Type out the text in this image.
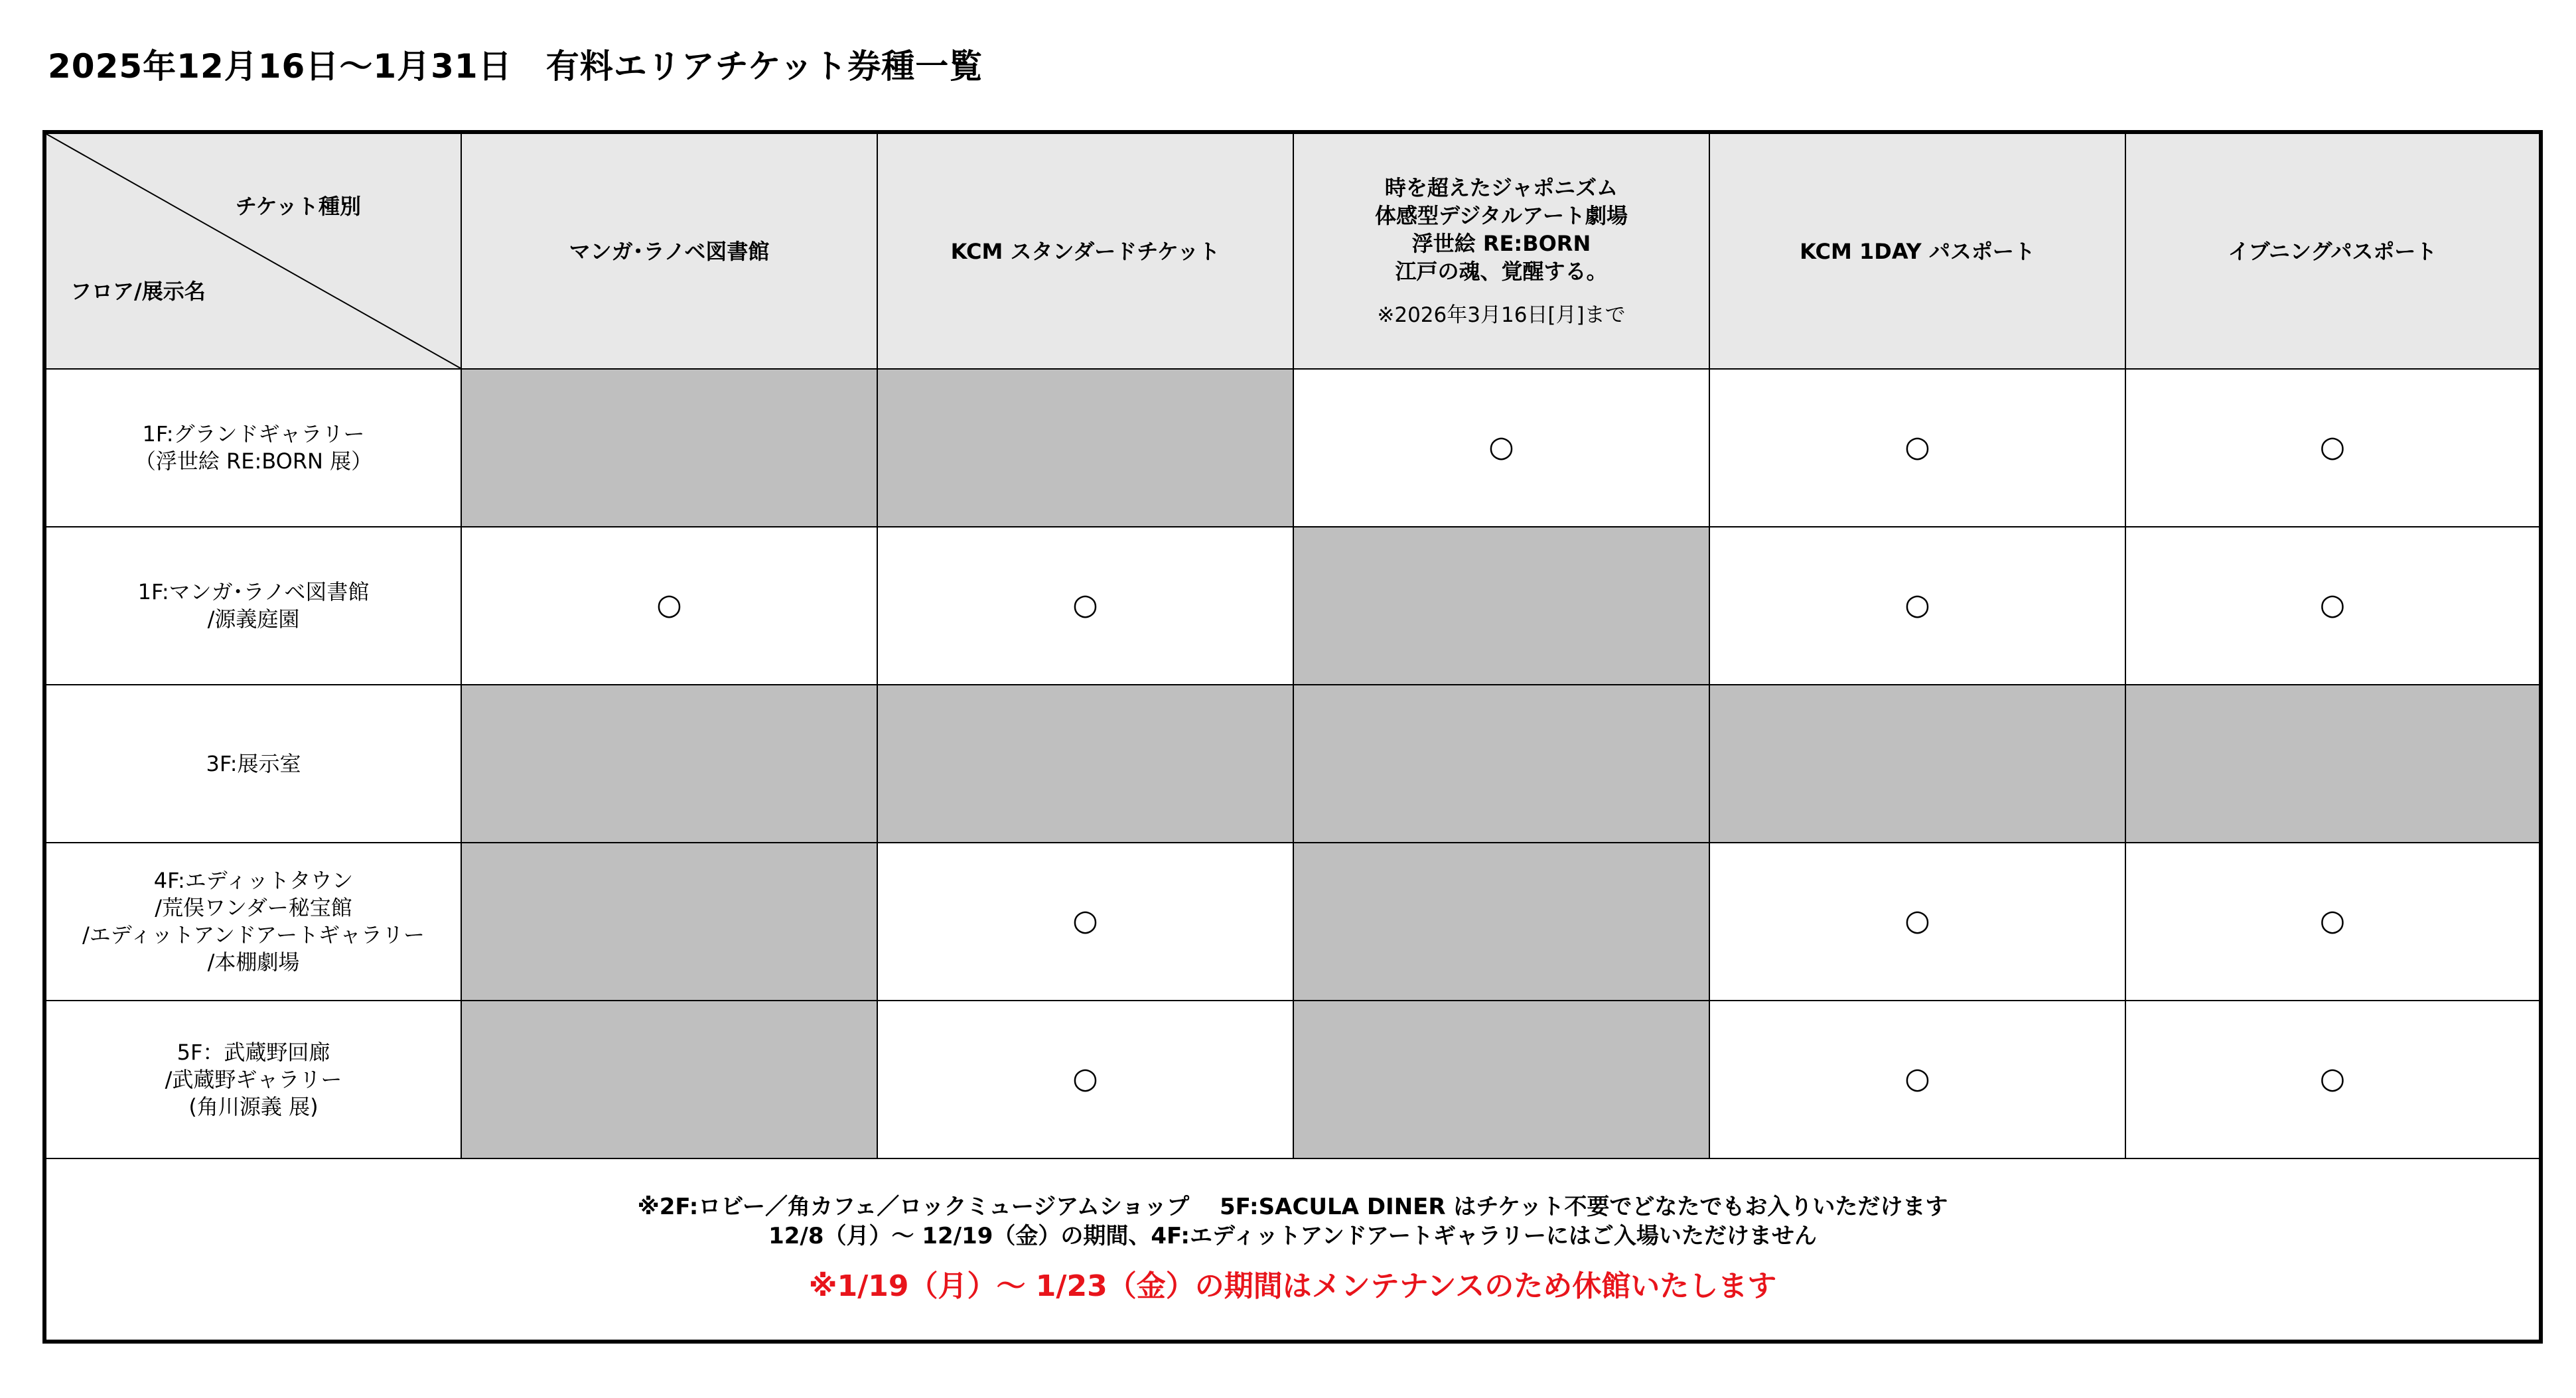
2025年12月16日～1月31日　有料エリアチケット券種一覧
チケット種別
フロア/展示名	マンガ･ラノベ図書館	KCM スタンダードチケット	時を超えたジャポニズム
体感型デジタルアート劇場
浮世絵 RE:BORN
江戸の魂、覚醒する。
※2026年3月16日[月]まで	KCM 1DAY パスポート	イブニングパスポート
1F:グランドギャラリー
（浮世絵 RE:BORN 展）			○	○	○
1F:マンガ･ラノベ図書館
/源義庭園	○	○		○	○
3F:展示室					
4F:エディットタウン
/荒俣ワンダー秘宝館
/エディットアンドアートギャラリー
/本棚劇場		○		○	○
5F：武蔵野回廊
/武蔵野ギャラリー
(角川源義 展)		○		○	○

※2F:ロビー／角カフェ／ロックミュージアムショップ　 5F:SACULA DINER はチケット不要でどなたでもお入りいただけます
12/8（月）～ 12/19（金）の期間、4F:エディットアンドアートギャラリーにはご入場いただけません
※1/19（月）～ 1/23（金）の期間はメンテナンスのため休館いたします					
